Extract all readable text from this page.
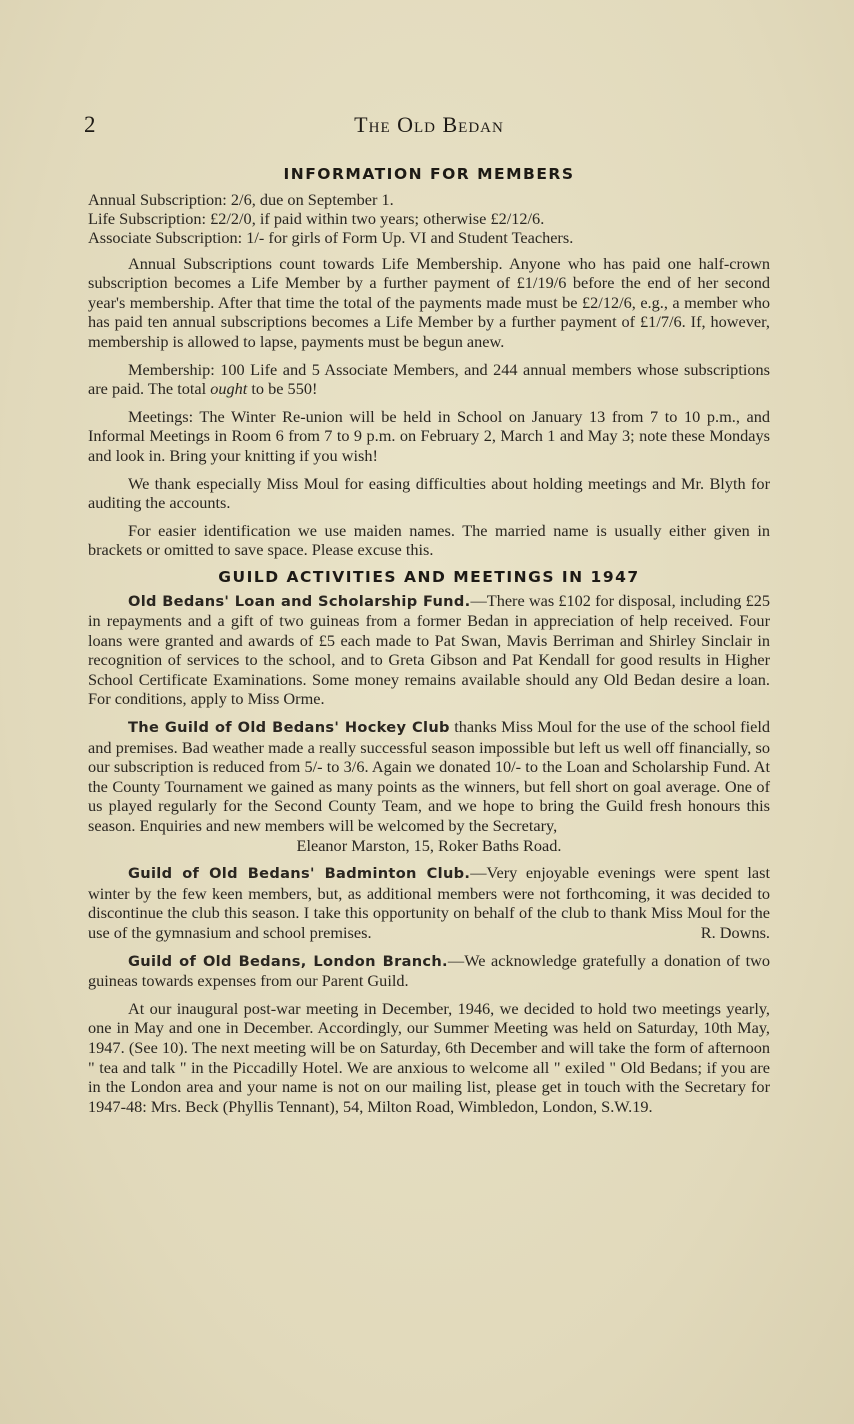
2	The Old Bedan
INFORMATION FOR MEMBERS
Annual Subscription: 2/6, due on September 1.
Life Subscription: £2/2/0, if paid within two years; otherwise £2/12/6.
Associate Subscription: 1/- for girls of Form Up. VI and Student Teachers.

Annual Subscriptions count towards Life Membership. Anyone who has paid one half-crown subscription becomes a Life Member by a further payment of £1/19/6 before the end of her second year's membership. After that time the total of the payments made must be £2/12/6, e.g., a member who has paid ten annual subscriptions becomes a Life Member by a further payment of £1/7/6. If, however, membership is allowed to lapse, payments must be begun anew.

Membership: 100 Life and 5 Associate Members, and 244 annual members whose subscriptions are paid. The total ought to be 550!

Meetings: The Winter Re-union will be held in School on January 13 from 7 to 10 p.m., and Informal Meetings in Room 6 from 7 to 9 p.m. on February 2, March 1 and May 3; note these Mondays and look in. Bring your knitting if you wish!

We thank especially Miss Moul for easing difficulties about holding meetings and Mr. Blyth for auditing the accounts.

For easier identification we use maiden names. The married name is usually either given in brackets or omitted to save space. Please excuse this.

GUILD ACTIVITIES AND MEETINGS IN 1947

Old Bedans' Loan and Scholarship Fund.—There was £102 for disposal, including £25 in repayments and a gift of two guineas from a former Bedan in appreciation of help received. Four loans were granted and awards of £5 each made to Pat Swan, Mavis Berriman and Shirley Sinclair in recognition of services to the school, and to Greta Gibson and Pat Kendall for good results in Higher School Certificate Examinations. Some money remains available should any Old Bedan desire a loan. For conditions, apply to Miss Orme.

The Guild of Old Bedans' Hockey Club thanks Miss Moul for the use of the school field and premises. Bad weather made a really successful season impossible but left us well off financially, so our subscription is reduced from 5/- to 3/6. Again we donated 10/- to the Loan and Scholarship Fund. At the County Tournament we gained as many points as the winners, but fell short on goal average. One of us played regularly for the Second County Team, and we hope to bring the Guild fresh honours this season. Enquiries and new members will be welcomed by the Secretary,
Eleanor Marston, 15, Roker Baths Road.

Guild of Old Bedans' Badminton Club.—Very enjoyable evenings were spent last winter by the few keen members, but, as additional members were not forthcoming, it was decided to discontinue the club this season. I take this opportunity on behalf of the club to thank Miss Moul for the use of the gymnasium and school premises.	R. Downs.

Guild of Old Bedans, London Branch.—We acknowledge gratefully a donation of two guineas towards expenses from our Parent Guild.

At our inaugural post-war meeting in December, 1946, we decided to hold two meetings yearly, one in May and one in December. Accordingly, our Summer Meeting was held on Saturday, 10th May, 1947. (See 10). The next meeting will be on Saturday, 6th December and will take the form of afternoon " tea and talk " in the Piccadilly Hotel. We are anxious to welcome all " exiled " Old Bedans; if you are in the London area and your name is not on our mailing list, please get in touch with the Secretary for 1947-48: Mrs. Beck (Phyllis Tennant), 54, Milton Road, Wimbledon, London, S.W.19.
